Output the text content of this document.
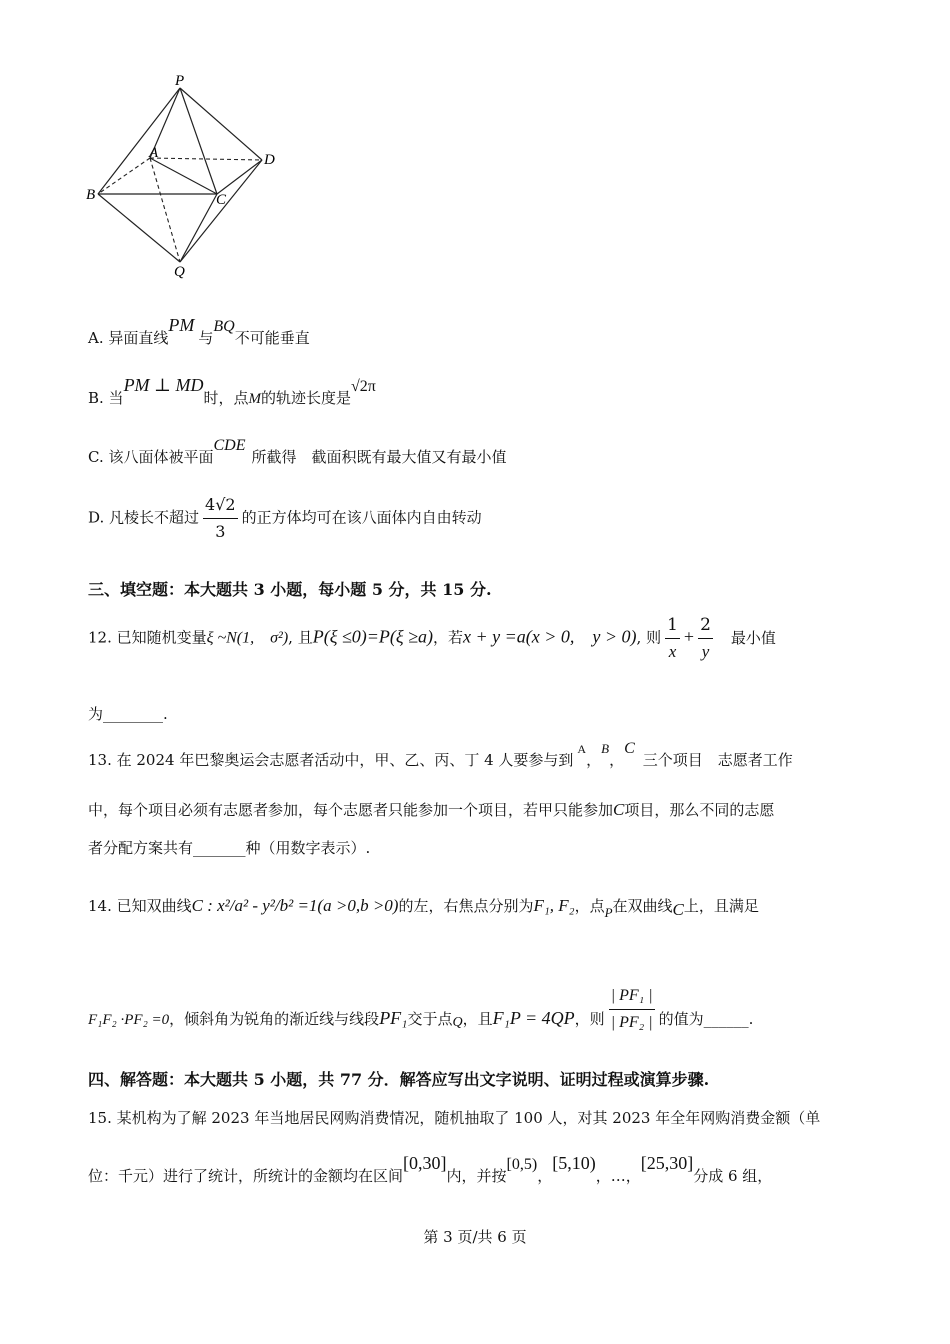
P
A	D
B	C
Q
A. 异面直线PM与BQ不可能垂直
B. 当PM ⊥ MD时，点M的轨迹长度是√2π
C. 该八面体被平面CDE所截得　截面积既有最大值又有最小值
D. 凡棱长不超过 $\frac{4√2}{3}$ 的正方体均可在该八面体内自由转动
三、填空题：本大题共 3 小题，每小题 5 分，共 15 分.
12. 已知随机变量ξ ~N(1,　σ²), 且P(ξ ≤0)=P(ξ ≥a)，若x + y =a(x > 0,　y > 0), 则 $\frac{1}{x} + \frac{2}{y}$ 最小值
为________.
13. 在 2024 年巴黎奥运会志愿者活动中，甲、乙、丙、丁 4 人要参与到$^A$，B，C三个项目　志愿者工作
中，每个项目必须有志愿者参加，每个志愿者只能参加一个项目，若甲只能参加C项目，那么不同的志愿
者分配方案共有_______种（用数字表示）.
14. 已知双曲线C : x²/a² - y²/b² =1(a >0,b >0)的左，右焦点分别为F₁, F₂，点P在双曲线C上，且满足
F₁F₂ ·PF₂ =0，倾斜角为锐角的渐近线与线段PF₁交于点Q，且F₁P = 4QP，则 $\frac{\text{| PF₁ |}}{\text{| PF₂ |}}$ 的值为______.
四、解答题：本大题共 5 小题，共 77 分．解答应写出文字说明、证明过程或演算步骤.
15. 某机构为了解 2023 年当地居民网购消费情况，随机抽取了 100 人，对其 2023 年全年网购消费金额（单
位：千元）进行了统计，所统计的金额均在区间[0,30]内，并按[0,5)，[5,10)，…，[25,30]分成 6 组，
第 3 页/共 6 页
